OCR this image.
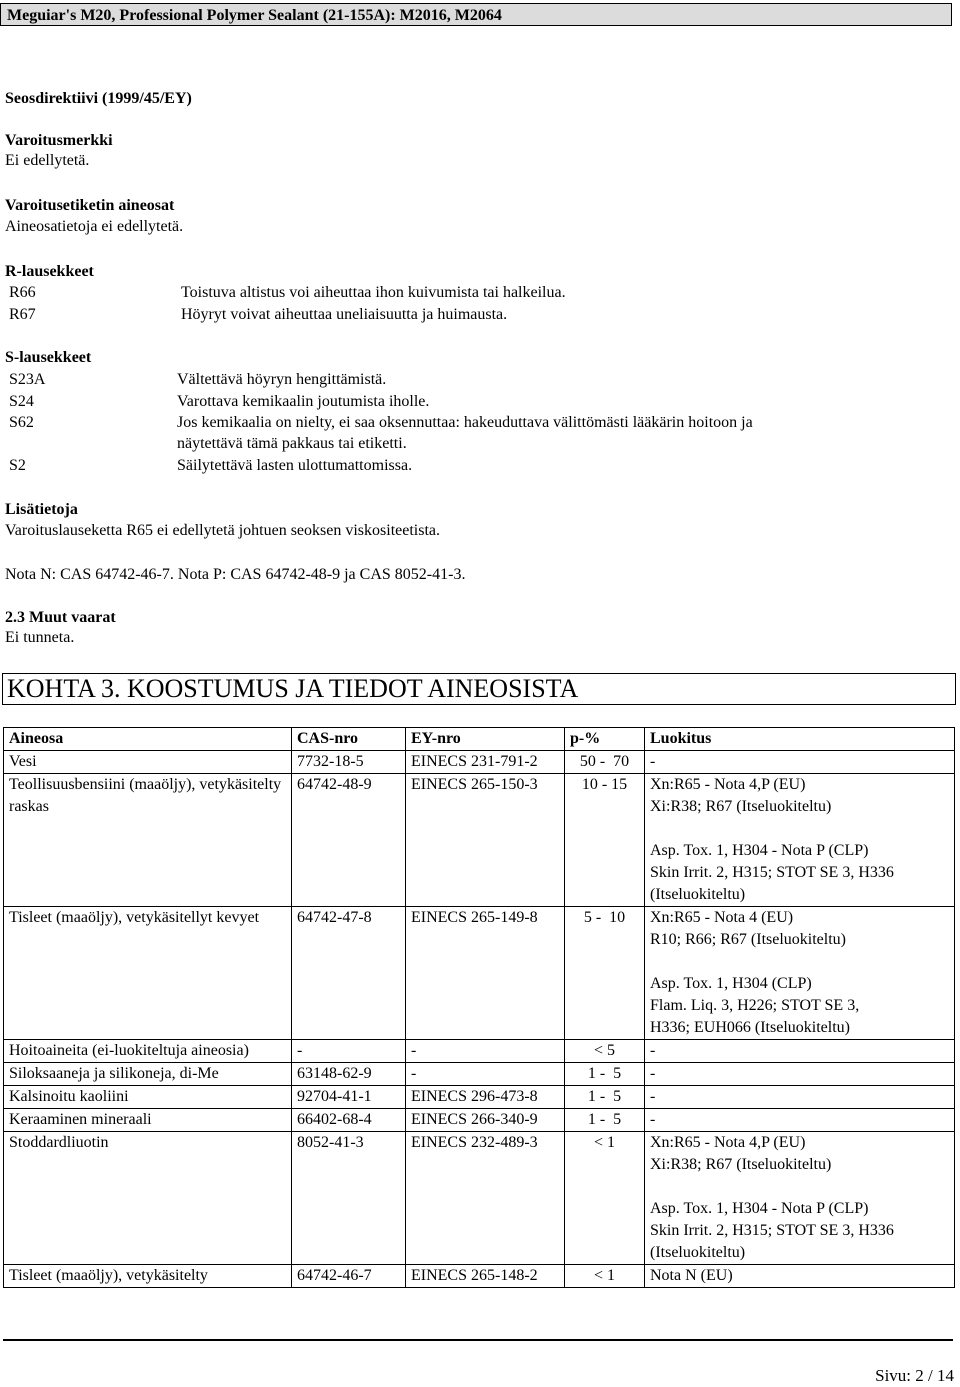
Meguiar's M20, Professional Polymer Sealant (21-155A): M2016, M2064
Seosdirektiivi (1999/45/EY)
Varoitusmerkki
Ei edellytetä.
Varoitusetiketin aineosat
Aineosatietoja ei edellytetä.
R-lausekkeet
R66	Toistuva altistus voi aiheuttaa ihon kuivumista tai halkeilua.
R67	Höyryt voivat aiheuttaa uneliaisuutta ja huimausta.
S-lausekkeet
S23A	Vältettävä höyryn hengittämistä.
S24	Varottava kemikaalin joutumista iholle.
S62	Jos kemikaalia on nielty, ei saa oksennuttaa: hakeuduttava välittömästi lääkärin hoitoon ja
näytettävä tämä pakkaus tai etiketti.
S2	Säilytettävä lasten ulottumattomissa.
Lisätietoja
Varoituslauseketta R65 ei edellytetä johtuen seoksen viskositeetista.
Nota N: CAS 64742-46-7. Nota P: CAS 64742-48-9 ja CAS 8052-41-3.
2.3 Muut vaarat
Ei tunneta.
KOHTA 3. KOOSTUMUS JA TIEDOT AINEOSISTA
Aineosa	CAS-nro	EY-nro	p-%	Luokitus
Vesi	7732-18-5	EINECS 231-791-2	50 -  70	-
Teollisuusbensiini (maaöljy), vetykäsitelty raskas	64742-48-9	EINECS 265-150-3	10 - 15	Xn:R65 - Nota 4,P (EU)
Xi:R38; R67 (Itseluokiteltu)

Asp. Tox. 1, H304 - Nota P (CLP)
Skin Irrit. 2, H315; STOT SE 3, H336
(Itseluokiteltu)
Tisleet (maaöljy), vetykäsitellyt kevyet	64742-47-8	EINECS 265-149-8	5 -  10	Xn:R65 - Nota 4 (EU)
R10; R66; R67 (Itseluokiteltu)

Asp. Tox. 1, H304 (CLP)
Flam. Liq. 3, H226; STOT SE 3,
H336; EUH066 (Itseluokiteltu)
Hoitoaineita (ei-luokiteltuja aineosia)	-	-	< 5	-
Siloksaaneja ja silikoneja, di-Me	63148-62-9	-	1 -  5	-
Kalsinoitu kaoliini	92704-41-1	EINECS 296-473-8	1 -  5	-
Keraaminen mineraali	66402-68-4	EINECS 266-340-9	1 -  5	-
Stoddardliuotin	8052-41-3	EINECS 232-489-3	< 1	Xn:R65 - Nota 4,P (EU)
Xi:R38; R67 (Itseluokiteltu)

Asp. Tox. 1, H304 - Nota P (CLP)
Skin Irrit. 2, H315; STOT SE 3, H336
(Itseluokiteltu)
Tisleet (maaöljy), vetykäsitelty	64742-46-7	EINECS 265-148-2	< 1	Nota N (EU)
Sivu: 2 / 14
